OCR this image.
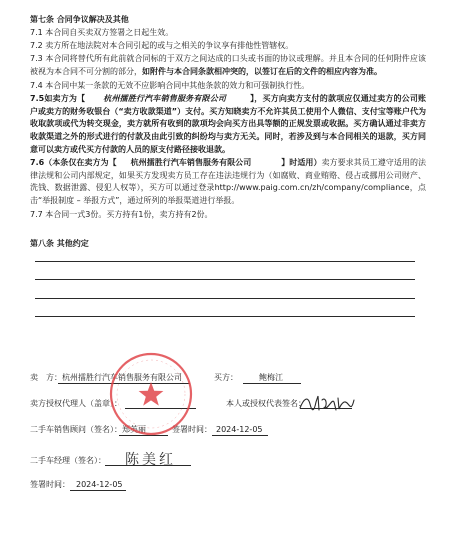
第七条 合同争议解决及其他

7.1 本合同自买卖双方签署之日起生效。

7.2 卖方所在地法院对本合同引起的或与之相关的争议享有排他性管辖权。

7.3 本合同将替代所有此前就合同标的于双方之间达成的口头或书面的协议或理解。并且本合同的任何附件应该被视为本合同不可分割的部分，如附件与本合同条款相冲突的，以签订在后的文件的相应内容为准。

7.4 本合同中某一条款的无效不应影响合同中其他条款的效力和可强制执行性。

7.5如卖方为【 杭州擂胜行汽车销售服务有限公司	】，买方向卖方支付的款项应仅通过卖方的公司账户或卖方的财务收银台（“卖方收款渠道”）支付。买方知晓卖方不允许其员工使用个人微信、支付宝等账户代为收取款项或代为转交现金，卖方就所有收到的款项均会向买方出具等额的正规发票或收据。买方确认通过非卖方收款渠道之外的形式进行的付款及由此引致的纠纷均与卖方无关。同时，若涉及到与本合同相关的退款，买方同意可以卖方或代买方付款的人员的原支付路径接收退款。

7.6（本条仅在卖方为【 杭州擂胜行汽车销售服务有限公司	】时适用）卖方要求其员工遵守适用的法律法规和公司内部规定，如果买方发现卖方员工存在违法违规行为（如腐败、商业贿赂、侵占或挪用公司财产、洗钱、数据泄露、侵犯人权等），买方可以通过登录http://www.paig.com.cn/zh/company/compliance，点击“举报制度 – 举报方式”，通过所列的举报渠道进行举报。

7.7 本合同一式3份。买方持有1份，卖方持有2份。

第八条 其他约定

卖　方： 杭州擂胜行汽车销售服务有限公司	买方：	鲍梅江
卖方授权代理人（盖章）：	本人或授权代表签名：
二手车销售顾问（签名）： 郑英丽	签署时间： 2024-12-05
二手车经理（签名）： 陈美红
签署时间： 2024-12-05
